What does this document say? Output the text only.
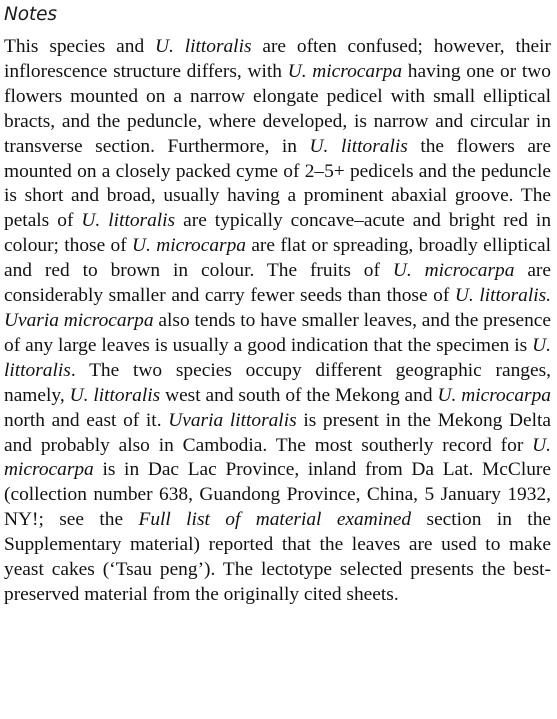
Notes

This species and U. littoralis are often confused; however, their inflorescence structure differs, with U. microcarpa having one or two flowers mounted on a narrow elongate pedicel with small elliptical bracts, and the peduncle, where developed, is narrow and circular in transverse section. Furthermore, in U. littoralis the flowers are mounted on a closely packed cyme of 2–5+ pedicels and the peduncle is short and broad, usually having a prominent abaxial groove. The petals of U. littoralis are typically concave–acute and bright red in colour; those of U. microcarpa are flat or spreading, broadly elliptical and red to brown in colour. The fruits of U. microcarpa are considerably smaller and carry fewer seeds than those of U. littoralis. Uvaria microcarpa also tends to have smaller leaves, and the presence of any large leaves is usually a good indication that the specimen is U. littoralis. The two species occupy different geographic ranges, namely, U. littoralis west and south of the Mekong and U. microcarpa north and east of it. Uvaria littoralis is present in the Mekong Delta and probably also in Cambodia. The most southerly record for U. microcarpa is in Dac Lac Province, inland from Da Lat. McClure (collection number 638, Guandong Province, China, 5 January 1932, NY!; see the Full list of material examined section in the Supplementary material) reported that the leaves are used to make yeast cakes (‘Tsau peng’). The lectotype selected presents the best-preserved material from the originally cited sheets.
